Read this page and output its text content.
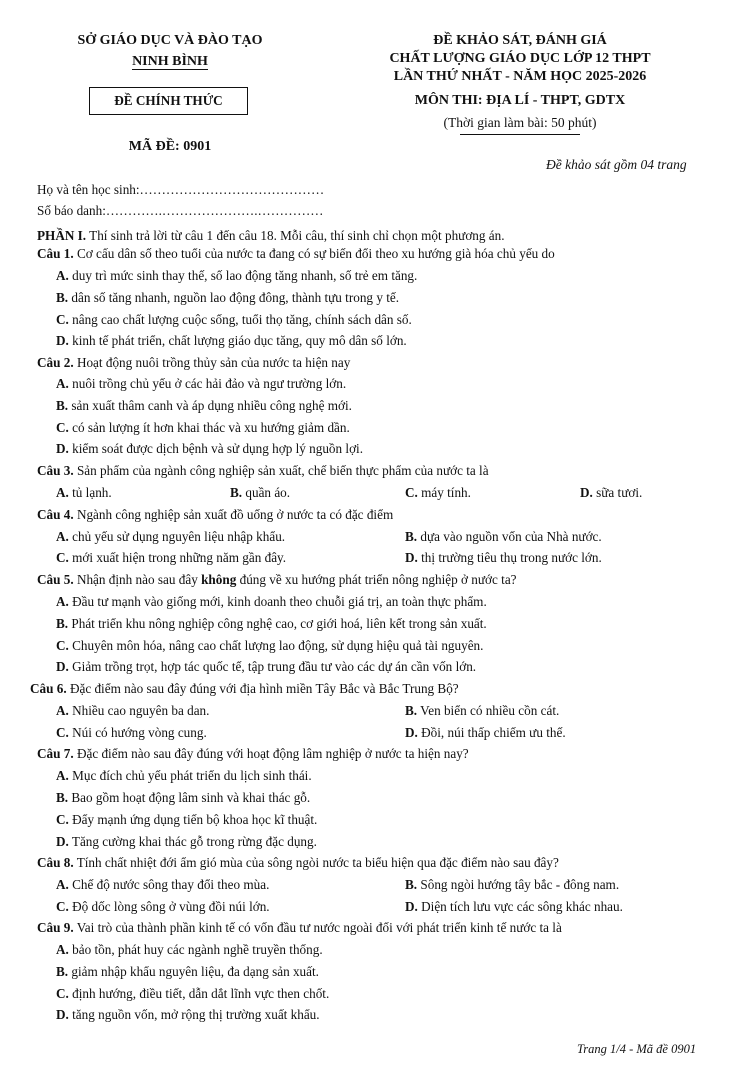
SỞ GIÁO DỤC VÀ ĐÀO TẠO
NINH BÌNH
ĐỀ CHÍNH THỨC
MÃ ĐỀ: 0901
ĐỀ KHẢO SÁT, ĐÁNH GIÁ
CHẤT LƯỢNG GIÁO DỤC LỚP 12 THPT
LẦN THỨ NHẤT - NĂM HỌC 2025-2026
MÔN THI: ĐỊA LÍ - THPT, GDTX
(Thời gian làm bài: 50 phút)
Đề khảo sát gồm 04 trang
Họ và tên học sinh:……………………………………
Số báo danh:………….………………….……………
PHẦN I. Thí sinh trả lời từ câu 1 đến câu 18. Mỗi câu, thí sinh chỉ chọn một phương án.
Câu 1. Cơ cấu dân số theo tuổi của nước ta đang có sự biến đổi theo xu hướng già hóa chủ yếu do
A. duy trì mức sinh thay thế, số lao động tăng nhanh, số trẻ em tăng.
B. dân số tăng nhanh, nguồn lao động đông, thành tựu trong y tế.
C. nâng cao chất lượng cuộc sống, tuổi thọ tăng, chính sách dân số.
D. kinh tế phát triển, chất lượng giáo dục tăng, quy mô dân số lớn.
Câu 2. Hoạt động nuôi trồng thủy sản của nước ta hiện nay
A. nuôi trồng chủ yếu ở các hải đảo và ngư trường lớn.
B. sản xuất thâm canh và áp dụng nhiều công nghệ mới.
C. có sản lượng ít hơn khai thác và xu hướng giảm dần.
D. kiểm soát được dịch bệnh và sử dụng hợp lý nguồn lợi.
Câu 3. Sản phẩm của ngành công nghiệp sản xuất, chế biến thực phẩm của nước ta là
A. tủ lạnh.	B. quần áo.	C. máy tính.	D. sữa tươi.
Câu 4. Ngành công nghiệp sản xuất đồ uống ở nước ta có đặc điểm
A. chủ yếu sử dụng nguyên liệu nhập khẩu.	B. dựa vào nguồn vốn của Nhà nước.
C. mới xuất hiện trong những năm gần đây.	D. thị trường tiêu thụ trong nước lớn.
Câu 5. Nhận định nào sau đây không đúng về xu hướng phát triển nông nghiệp ở nước ta?
A. Đầu tư mạnh vào giống mới, kinh doanh theo chuỗi giá trị, an toàn thực phẩm.
B. Phát triển khu nông nghiệp công nghệ cao, cơ giới hoá, liên kết trong sản xuất.
C. Chuyên môn hóa, nâng cao chất lượng lao động, sử dụng hiệu quả tài nguyên.
D. Giảm trồng trọt, hợp tác quốc tế, tập trung đầu tư vào các dự án cần vốn lớn.
Câu 6. Đặc điểm nào sau đây đúng với địa hình miền Tây Bắc và Bắc Trung Bộ?
A. Nhiều cao nguyên ba dan.	B. Ven biển có nhiều cồn cát.
C. Núi có hướng vòng cung.	D. Đồi, núi thấp chiếm ưu thế.
Câu 7. Đặc điểm nào sau đây đúng với hoạt động lâm nghiệp ở nước ta hiện nay?
A. Mục đích chủ yếu phát triển du lịch sinh thái.
B. Bao gồm hoạt động lâm sinh và khai thác gỗ.
C. Đẩy mạnh ứng dụng tiến bộ khoa học kĩ thuật.
D. Tăng cường khai thác gỗ trong rừng đặc dụng.
Câu 8. Tính chất nhiệt đới ẩm gió mùa của sông ngòi nước ta biểu hiện qua đặc điểm nào sau đây?
A. Chế độ nước sông thay đổi theo mùa.	B. Sông ngòi hướng tây bắc - đông nam.
C. Độ dốc lòng sông ở vùng đồi núi lớn.	D. Diện tích lưu vực các sông khác nhau.
Câu 9. Vai trò của thành phần kinh tế có vốn đầu tư nước ngoài đối với phát triển kinh tế nước ta là
A. bảo tồn, phát huy các ngành nghề truyền thống.
B. giảm nhập khẩu nguyên liệu, đa dạng sản xuất.
C. định hướng, điều tiết, dẫn dắt lĩnh vực then chốt.
D. tăng nguồn vốn, mở rộng thị trường xuất khẩu.
Trang 1/4 - Mã đề 0901
